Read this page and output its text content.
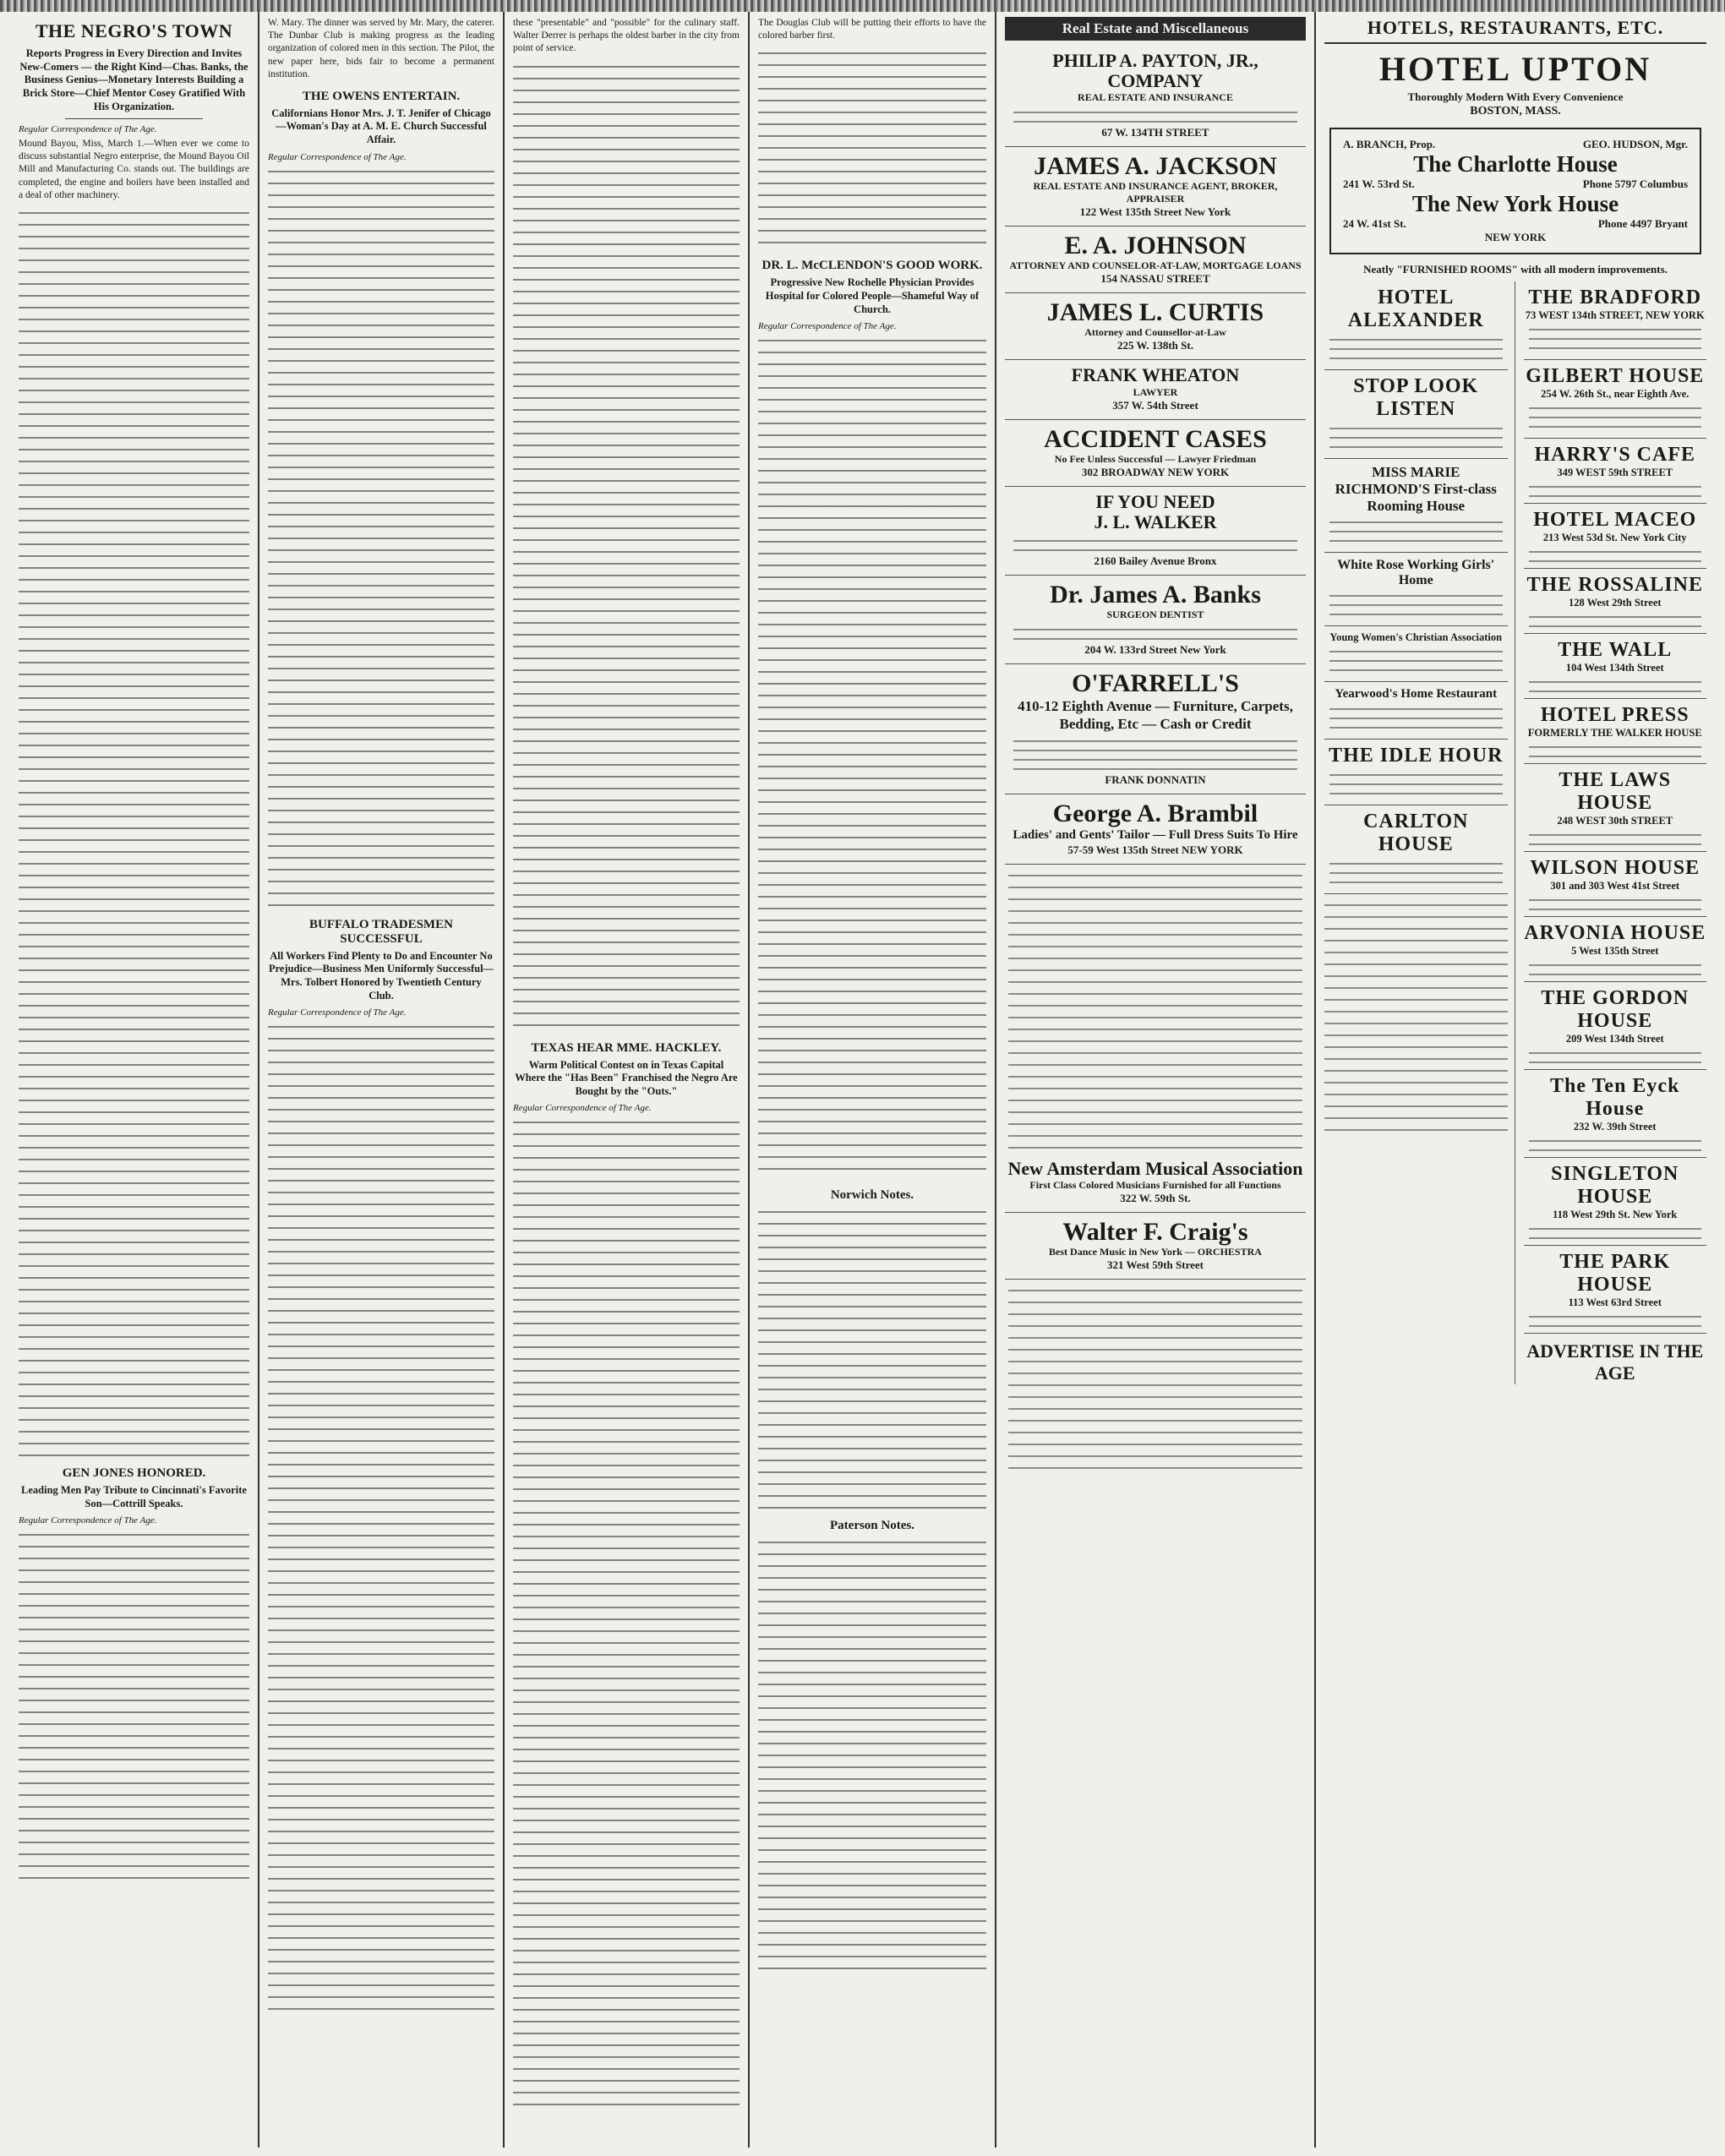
THE NEGRO'S TOWN
Reports Progress in Every Direction and Invites New-Comers — the Right Kind—Chas. Banks, the Business Genius—Monetary Interests Building a Brick Store—Chief Mentor Cosey Gratified With His Organization.
Regular Correspondence of The Age.

Mound Bayou, Miss, March 1.—When ever we come to discuss substantial Negro enterprise, the Mound Bayou Oil Mill and Manufacturing Co. stands out. The buildings are completed, the engine and boilers have been installed and a deal of other machinery.

GEN JONES HONORED.
Leading Men Pay Tribute to Cincinnati's Favorite Son—Cottrill Speaks.
Regular Correspondence of The Age.

W. Mary. The dinner was served by Mr. Mary, the caterer. The Dunbar Club is making progress as the leading organization of colored men in this section. The Pilot, the new paper here, bids fair to become a permanent institution.

THE OWENS ENTERTAIN.
Californians Honor Mrs. J. T. Jenifer of Chicago—Woman's Day at A. M. E. Church Successful Affair.
Regular Correspondence of The Age.
BUFFALO TRADESMEN SUCCESSFUL
All Workers Find Plenty to Do and Encounter No Prejudice—Business Men Uniformly Successful—Mrs. Tolbert Honored by Twentieth Century Club.
Regular Correspondence of The Age.

these "presentable" and "possible" for the culinary staff. Walter Derrer is perhaps the oldest barber in the city from point of service.

TEXAS HEAR MME. HACKLEY.
Warm Political Contest on in Texas Capital Where the "Has Been" Franchised the Negro Are Bought by the "Outs."
Regular Correspondence of The Age.

The Douglas Club will be putting their efforts to have the colored barber first.

DR. L. McCLENDON'S GOOD WORK.
Progressive New Rochelle Physician Provides Hospital for Colored People—Shameful Way of Church.
Regular Correspondence of The Age.
Norwich Notes.
Paterson Notes.
Real Estate and Miscellaneous
PHILIP A. PAYTON, JR., COMPANY
REAL ESTATE AND INSURANCE
67 W. 134TH STREET
JAMES A. JACKSON
REAL ESTATE AND INSURANCE AGENT, BROKER, APPRAISER
122 West 135th Street New York
E. A. JOHNSON
ATTORNEY AND COUNSELOR-AT-LAW, MORTGAGE LOANS
154 NASSAU STREET
JAMES L. CURTIS
Attorney and Counsellor-at-Law
225 W. 138th St.
FRANK WHEATON
LAWYER
357 W. 54th Street
ACCIDENT CASES
No Fee Unless Successful — Lawyer Friedman
302 BROADWAY NEW YORK
IF YOU NEED
J. L. WALKER
2160 Bailey Avenue Bronx
Dr. James A. Banks
SURGEON DENTIST
204 W. 133rd Street New York
O'FARRELL'S
410-12 Eighth Avenue — Furniture, Carpets, Bedding, Etc — Cash or Credit
FRANK DONNATIN
George A. Brambil
Ladies' and Gents' Tailor — Full Dress Suits To Hire
57-59 West 135th Street NEW YORK
New Amsterdam Musical Association
First Class Colored Musicians Furnished for all Functions
322 W. 59th St.
Walter F. Craig's
Best Dance Music in New York — ORCHESTRA
321 West 59th Street
HOTELS, RESTAURANTS, ETC.
HOTEL UPTON
Thoroughly Modern With Every Convenience
BOSTON, MASS.
A. BRANCH, Prop.	GEO. HUDSON, Mgr.
The Charlotte House
241 W. 53rd St.	Phone 5797 Columbus
The New York House
24 W. 41st St.	Phone 4497 Bryant
NEW YORK
Neatly "FURNISHED ROOMS" with all modern improvements.
HOTEL ALEXANDER
STOP LOOK LISTEN
MISS MARIE RICHMOND'S First-class Rooming House
White Rose Working Girls' Home
Young Women's Christian Association
Yearwood's Home Restaurant
THE IDLE HOUR
CARLTON HOUSE
THE BRADFORD
73 WEST 134th STREET, NEW YORK
GILBERT HOUSE
254 W. 26th St., near Eighth Ave.
HARRY'S CAFE
349 WEST 59th STREET
HOTEL MACEO
213 West 53d St. New York City
THE ROSSALINE
128 West 29th Street
THE WALL
104 West 134th Street
HOTEL PRESS
FORMERLY THE WALKER HOUSE
THE LAWS HOUSE
248 WEST 30th STREET
WILSON HOUSE
301 and 303 West 41st Street
ARVONIA HOUSE
5 West 135th Street
THE GORDON HOUSE
209 West 134th Street
The Ten Eyck House
232 W. 39th Street
SINGLETON HOUSE
118 West 29th St. New York
THE PARK HOUSE
113 West 63rd Street
ADVERTISE IN THE AGE
